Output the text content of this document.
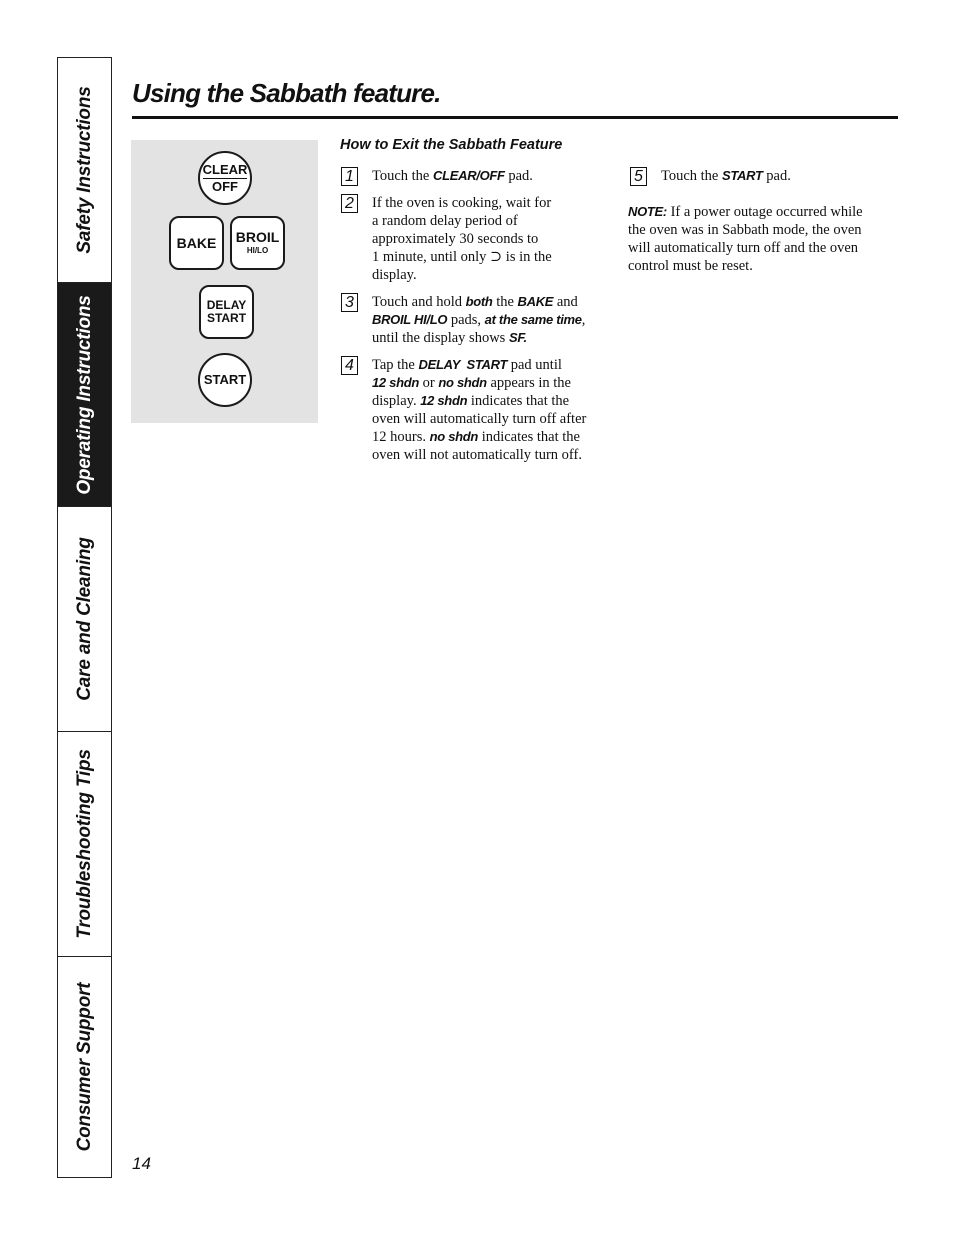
Safety Instructions
Operating Instructions
Care and Cleaning
Troubleshooting Tips
Consumer Support
Using the Sabbath feature.
CLEAR
OFF
BAKE BROIL
HI/LO
DELAY
START
START
How to Exit the Sabbath Feature
1 Touch the CLEAR/OFF pad.
2 If the oven is cooking, wait for
a random delay period of
approximately 30 seconds to
1 minute, until only ⊃ is in the
display.
3 Touch and hold both the BAKE and
BROIL HI/LO pads, at the same time,
until the display shows SF.
4 Tap the DELAY  START pad until
12 shdn or no shdn appears in the
display. 12 shdn indicates that the
oven will automatically turn off after
12 hours. no shdn indicates that the
oven will not automatically turn off.
5 Touch the START pad.
NOTE: If a power outage occurred while
the oven was in Sabbath mode, the oven
will automatically turn off and the oven
control must be reset.
14
